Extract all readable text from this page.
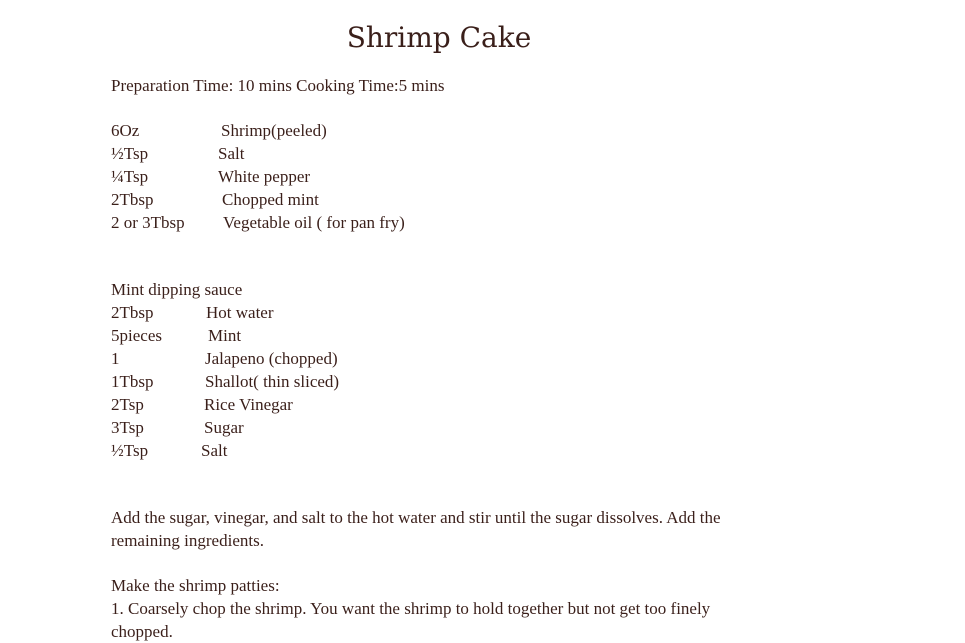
Shrimp Cake
Preparation Time: 10 mins Cooking Time:5 mins
6Oz	Shrimp(peeled)
½Tsp	Salt
¼Tsp	White pepper
2Tbsp	Chopped mint
2 or 3Tbsp Vegetable oil ( for pan fry)
Mint dipping sauce
2Tbsp	Hot water
5pieces	Mint
1	Jalapeno (chopped)
1Tbsp	Shallot( thin sliced)
2Tsp	Rice Vinegar
3Tsp	Sugar
½Tsp	Salt
Add the sugar, vinegar, and salt to the hot water and stir until the sugar dissolves. Add the remaining ingredients.
Make the shrimp patties:
1. Coarsely chop the shrimp. You want the shrimp to hold together but not get too finely chopped.
